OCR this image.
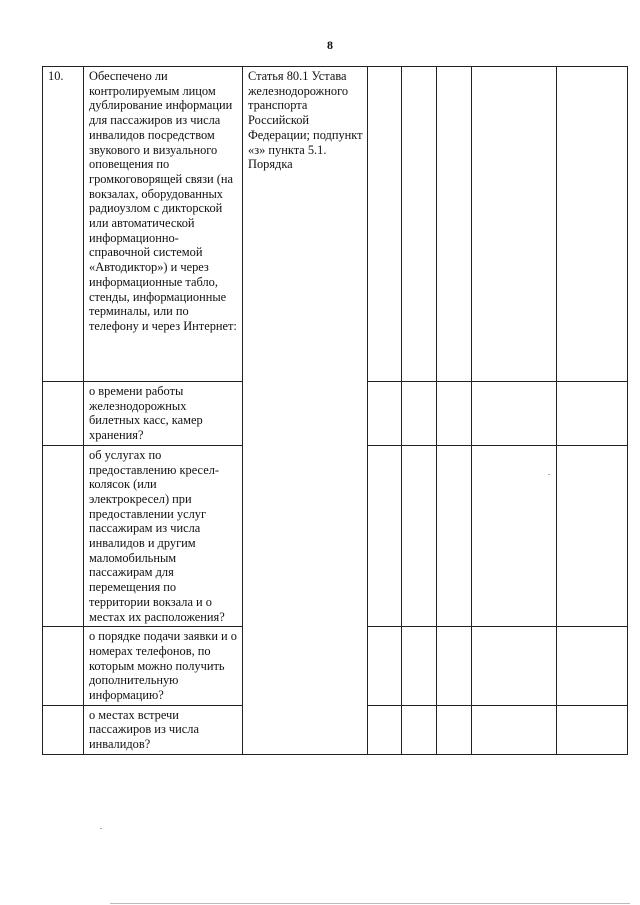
8
10.	Обеспечено ли контролируемым лицом дублирование информации для пассажиров из числа инвалидов посредством звукового и визуального оповещения по громкоговорящей связи (на вокзалах, оборудованных радиоузлом с дикторской или автоматической информационно-справочной системой «Автодиктор») и через информационные табло, стенды, информационные терминалы, или по телефону и через Интернет:	Статья 80.1 Устава железнодорожного транспорта Российской Федерации; подпункт «з» пункта 5.1. Порядка					
	о времени работы железнодорожных билетных касс, камер хранения?						
	об услугах по предоставлению кресел-колясок (или электрокресел) при предоставлении услуг пассажирам из числа инвалидов и другим маломобильным пассажирам для перемещения по территории вокзала и о местах их расположения?						
	о порядке подачи заявки и о номерах телефонов, по которым можно получить дополнительную информацию?						
	о местах встречи пассажиров из числа инвалидов?						
